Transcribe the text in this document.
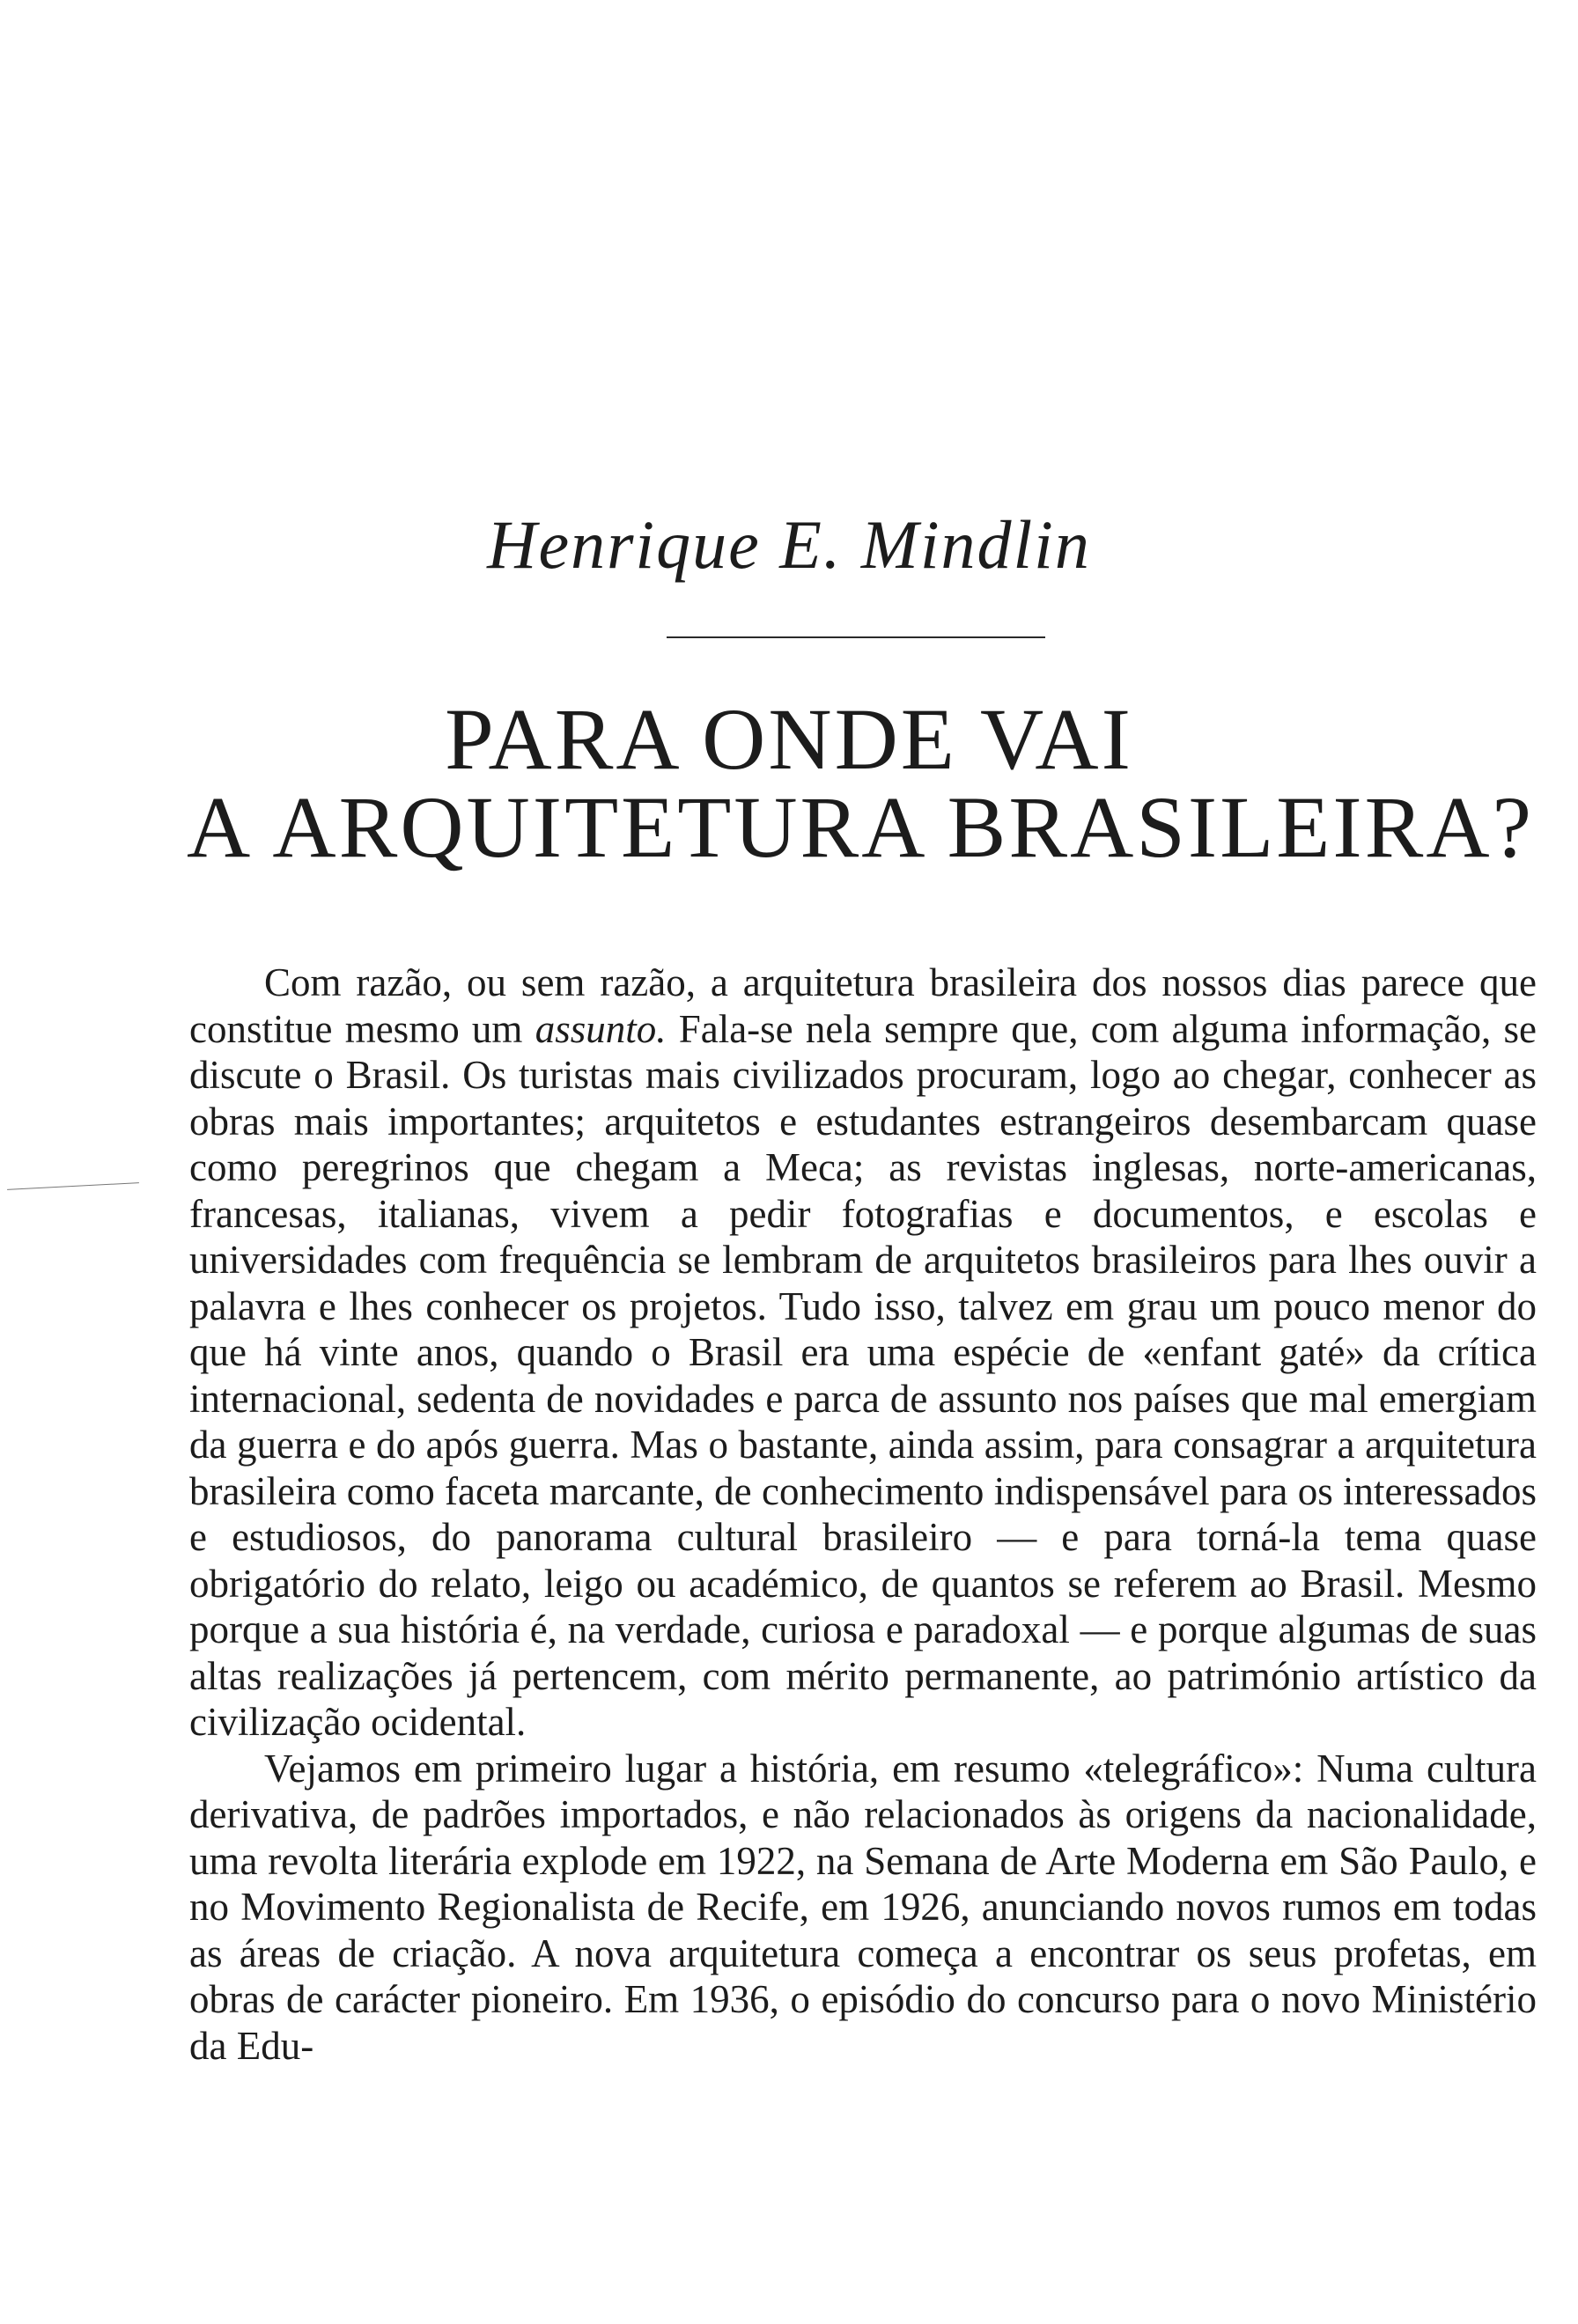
Henrique E. Mindlin
PARA ONDE VAI
A ARQUITETURA BRASILEIRA?

Com razão, ou sem razão, a arquitetura brasileira dos nossos dias parece que constitue mesmo um assunto. Fala-se nela sempre que, com alguma informação, se discute o Brasil. Os turistas mais civilizados procuram, logo ao chegar, conhecer as obras mais importantes; arquitetos e estudantes estrangeiros desembarcam quase como peregrinos que chegam a Meca; as revistas inglesas, norte-americanas, francesas, italianas, vivem a pedir fotografias e documentos, e escolas e universidades com frequência se lembram de arquitetos brasileiros para lhes ouvir a palavra e lhes conhecer os projetos. Tudo isso, talvez em grau um pouco menor do que há vinte anos, quando o Brasil era uma espécie de «enfant gaté» da crítica internacional, sedenta de novidades e parca de assunto nos países que mal emergiam da guerra e do após guerra. Mas o bastante, ainda assim, para consagrar a arquitetura brasileira como faceta marcante, de conhecimento indispensável para os interessados e estudiosos, do panorama cultural brasileiro — e para torná-la tema quase obrigatório do relato, leigo ou académico, de quantos se referem ao Brasil. Mesmo porque a sua história é, na verdade, curiosa e paradoxal — e porque algumas de suas altas realizações já pertencem, com mérito permanente, ao património artístico da civilização ocidental.

Vejamos em primeiro lugar a história, em resumo «telegráfico»: Numa cultura derivativa, de padrões importados, e não relacionados às origens da nacionalidade, uma revolta literária explode em 1922, na Semana de Arte Moderna em São Paulo, e no Movimento Regionalista de Recife, em 1926, anunciando novos rumos em todas as áreas de criação. A nova arquitetura começa a encontrar os seus profetas, em obras de carácter pioneiro. Em 1936, o episódio do concurso para o novo Ministério da Edu-
